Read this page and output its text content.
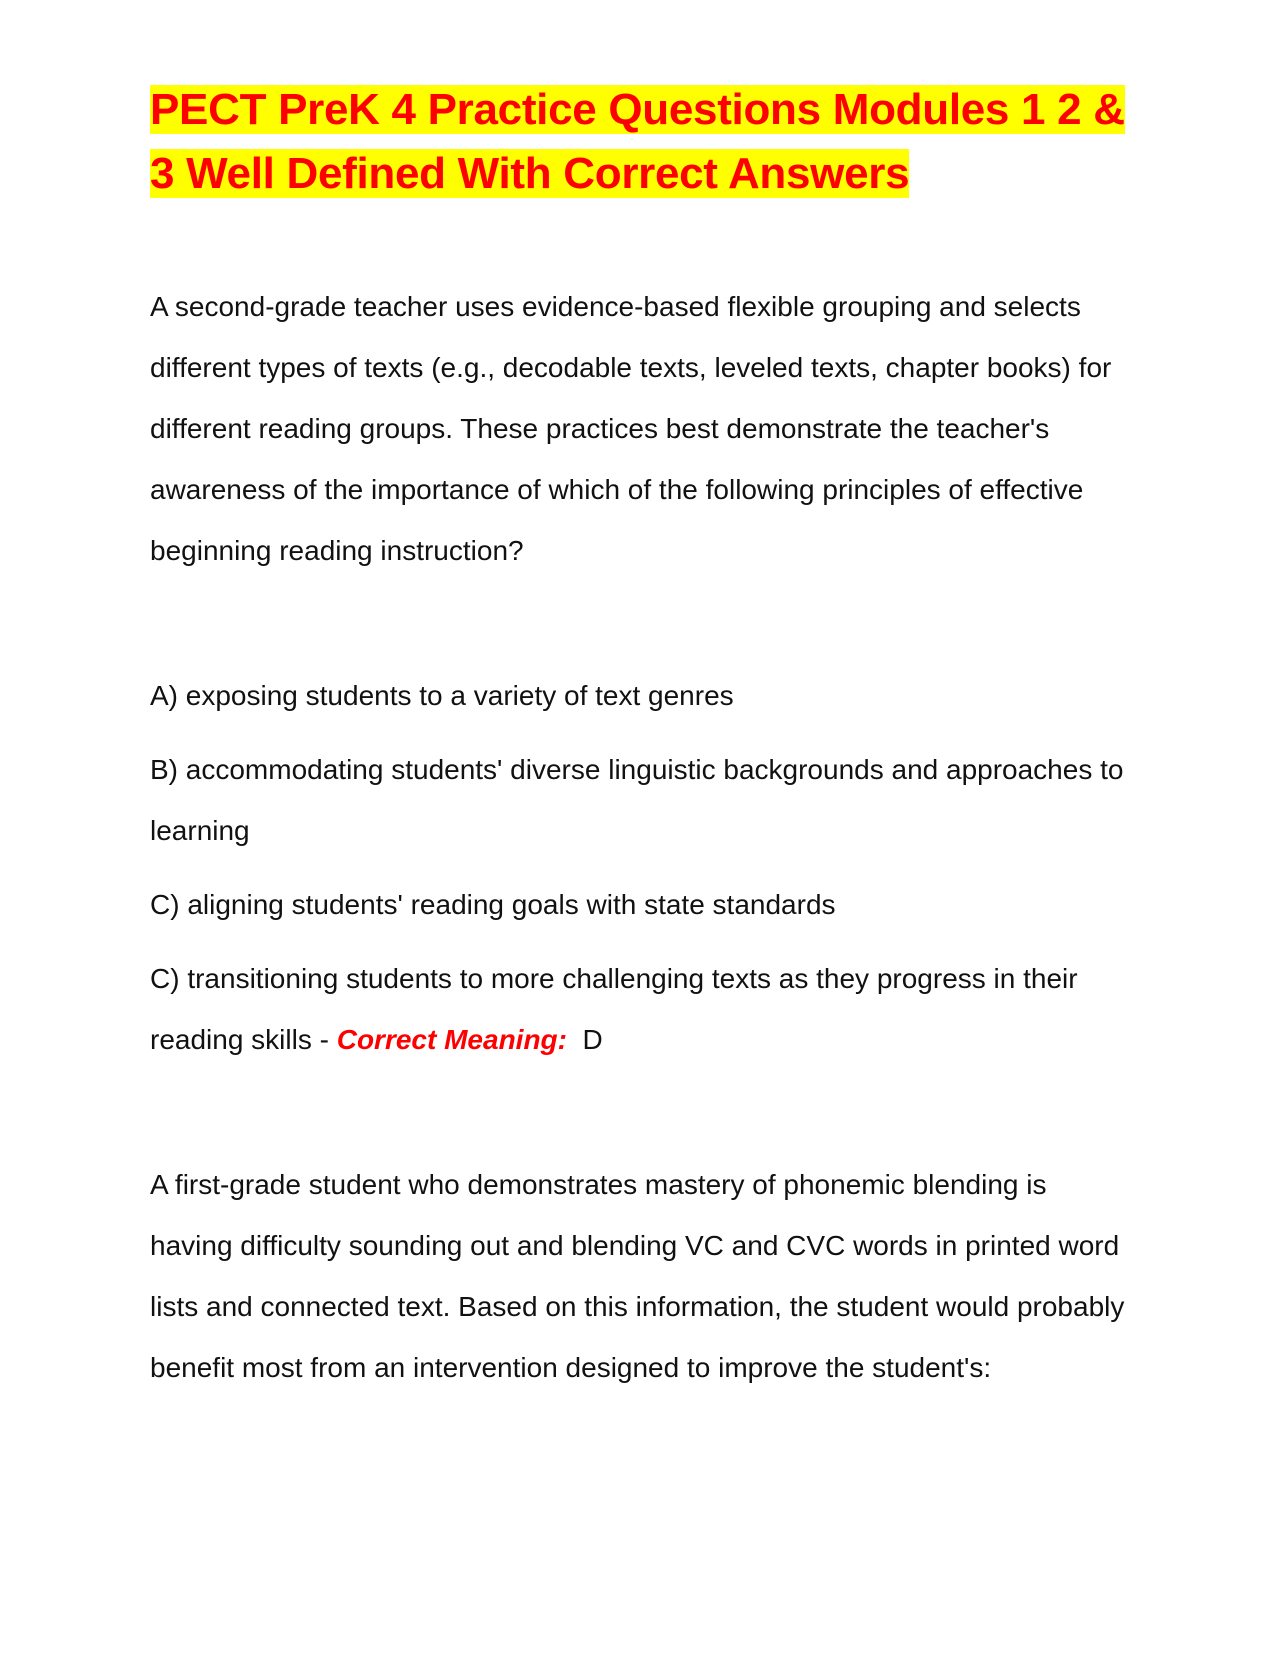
PECT PreK 4 Practice Questions Modules 1 2 & 3 Well Defined With Correct Answers

A second-grade teacher uses evidence-based flexible grouping and selects different types of texts (e.g., decodable texts, leveled texts, chapter books) for different reading groups. These practices best demonstrate the teacher's awareness of the importance of which of the following principles of effective beginning reading instruction?

A) exposing students to a variety of text genres

B) accommodating students' diverse linguistic backgrounds and approaches to learning

C) aligning students' reading goals with state standards

C) transitioning students to more challenging texts as they progress in their reading skills - Correct Meaning: D

A first-grade student who demonstrates mastery of phonemic blending is having difficulty sounding out and blending VC and CVC words in printed word lists and connected text. Based on this information, the student would probably benefit most from an intervention designed to improve the student's:
